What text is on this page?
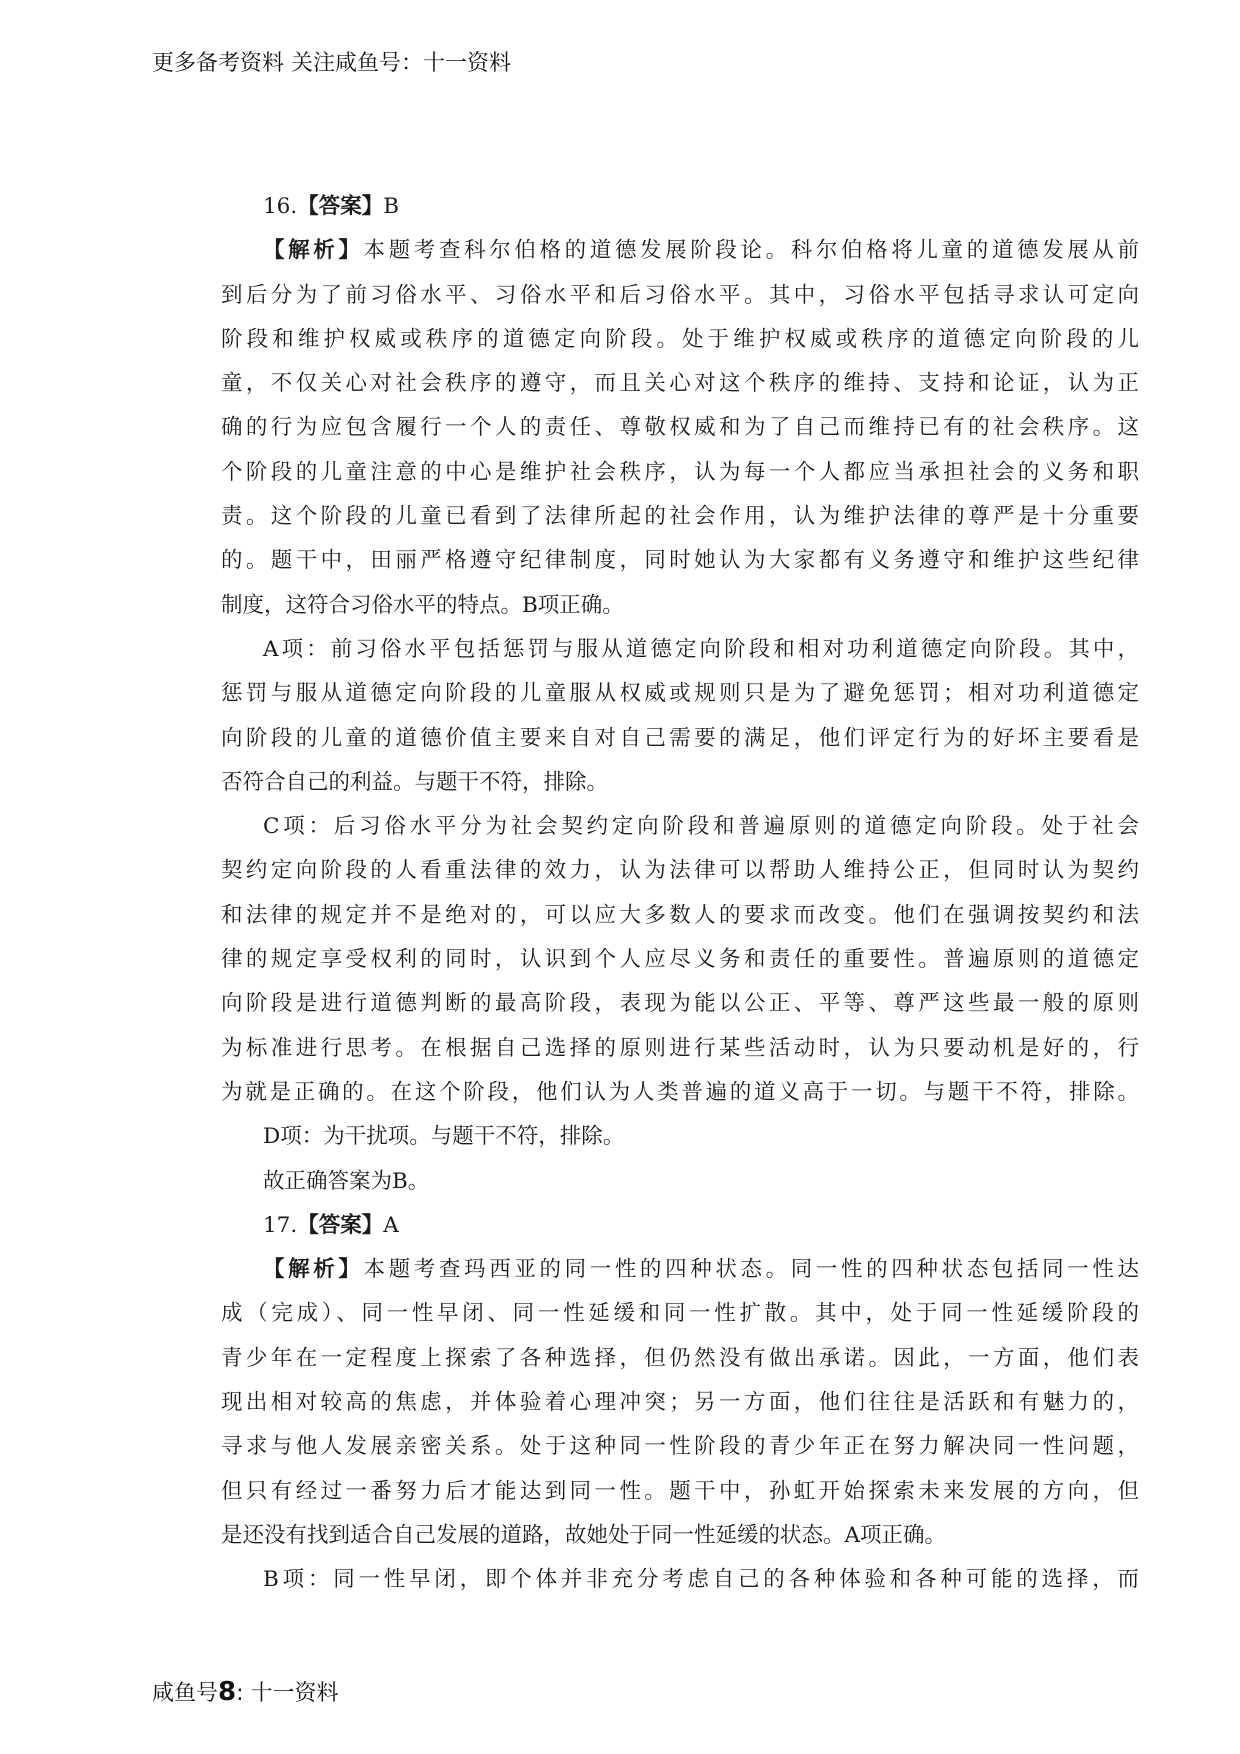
更多备考资料 关注咸鱼号：十一资料
16.【答案】B
【解析】本题考查科尔伯格的道德发展阶段论。科尔伯格将儿童的道德发展从前
到后分为了前习俗水平、习俗水平和后习俗水平。其中，习俗水平包括寻求认可定向
阶段和维护权威或秩序的道德定向阶段。处于维护权威或秩序的道德定向阶段的儿
童，不仅关心对社会秩序的遵守，而且关心对这个秩序的维持、支持和论证，认为正
确的行为应包含履行一个人的责任、尊敬权威和为了自己而维持已有的社会秩序。这
个阶段的儿童注意的中心是维护社会秩序，认为每一个人都应当承担社会的义务和职
责。这个阶段的儿童已看到了法律所起的社会作用，认为维护法律的尊严是十分重要
的。题干中，田丽严格遵守纪律制度，同时她认为大家都有义务遵守和维护这些纪律
制度，这符合习俗水平的特点。B项正确。
A项：前习俗水平包括惩罚与服从道德定向阶段和相对功利道德定向阶段。其中，
惩罚与服从道德定向阶段的儿童服从权威或规则只是为了避免惩罚；相对功利道德定
向阶段的儿童的道德价值主要来自对自己需要的满足，他们评定行为的好坏主要看是
否符合自己的利益。与题干不符，排除。
C项：后习俗水平分为社会契约定向阶段和普遍原则的道德定向阶段。处于社会
契约定向阶段的人看重法律的效力，认为法律可以帮助人维持公正，但同时认为契约
和法律的规定并不是绝对的，可以应大多数人的要求而改变。他们在强调按契约和法
律的规定享受权利的同时，认识到个人应尽义务和责任的重要性。普遍原则的道德定
向阶段是进行道德判断的最高阶段，表现为能以公正、平等、尊严这些最一般的原则
为标准进行思考。在根据自己选择的原则进行某些活动时，认为只要动机是好的，行
为就是正确的。在这个阶段，他们认为人类普遍的道义高于一切。与题干不符，排除。
D项：为干扰项。与题干不符，排除。
故正确答案为B。
17.【答案】A
【解析】本题考查玛西亚的同一性的四种状态。同一性的四种状态包括同一性达
成（完成）、同一性早闭、同一性延缓和同一性扩散。其中，处于同一性延缓阶段的
青少年在一定程度上探索了各种选择，但仍然没有做出承诺。因此，一方面，他们表
现出相对较高的焦虑，并体验着心理冲突；另一方面，他们往往是活跃和有魅力的，
寻求与他人发展亲密关系。处于这种同一性阶段的青少年正在努力解决同一性问题，
但只有经过一番努力后才能达到同一性。题干中，孙虹开始探索未来发展的方向，但
是还没有找到适合自己发展的道路，故她处于同一性延缓的状态。A项正确。
B项：同一性早闭，即个体并非充分考虑自己的各种体验和各种可能的选择，而
咸鱼号8: 十一资料
